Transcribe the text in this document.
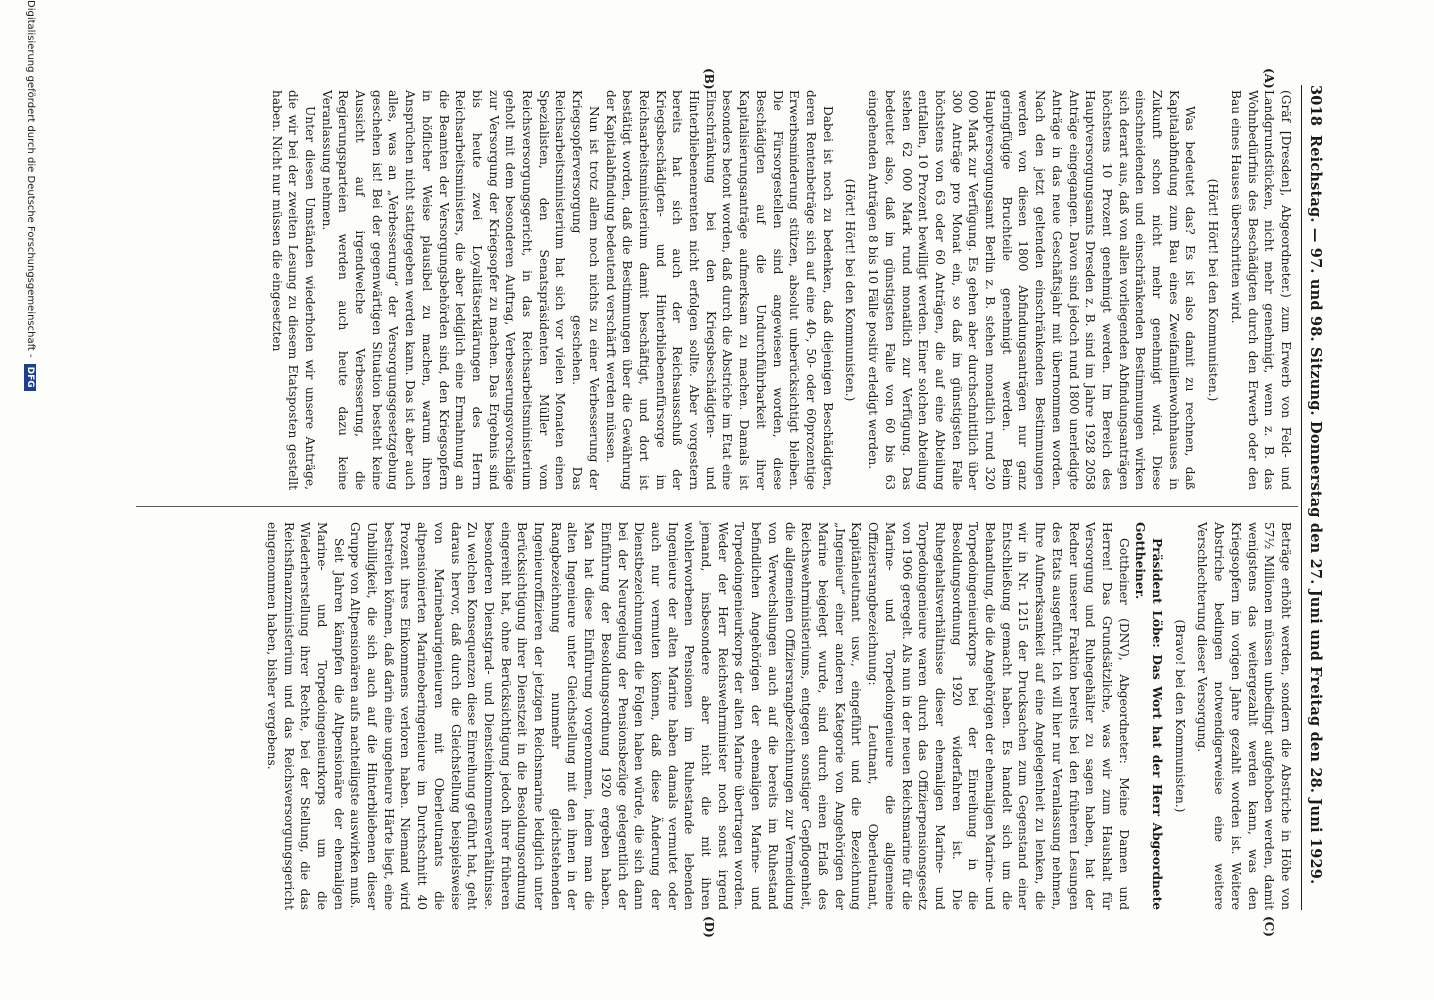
3018
Reichstag. — 97. und 98. Sitzung. Donnerstag den 27. Juni und Freitag den 28. Juni 1929.
(A)
(B)
(C)
(D)

(Gräf [Dresden], Abgeordneter.) zum Erwerb von Feld- und Landgrundstücken, nicht mehr genehmigt, wenn z. B. das Wohnbedürfnis des Beschädigten durch den Erwerb oder den Bau eines Hauses überschritten wird.

(Hört! Hört! bei den Kommunisten.)

Was bedeutet das? Es ist also damit zu rechnen, daß Kapitalabfindung zum Bau eines Zweifamilienwohnhauses in Zukunft schon nicht mehr genehmigt wird. Diese einschneidenden und einschränkenden Bestimmungen wirken sich derart aus, daß von allen vorliegenden Abfindungsanträgen höchstens 10 Prozent genehmigt werden. Im Bereich des Hauptversorgungsamts Dresden z. B. sind im Jahre 1928 2058 Anträge eingegangen. Davon sind jedoch rund 1800 unerledigte Anträge in das neue Geschäftsjahr mit übernommen worden. Nach den jetzt geltenden einschränkenden Bestimmungen werden von diesen 1800 Abfindungsanträgen nur ganz geringfügige Bruchteile genehmigt werden. Beim Hauptversorgungsamt Berlin z. B. stehen monatlich rund 320 000 Mark zur Verfügung. Es gehen aber durchschnittlich über 300 Anträge pro Monat ein, so daß im günstigsten Falle höchstens von 63 oder 60 Anträgen, die auf eine Abteilung entfallen, 10 Prozent bewilligt werden. Einer solchen Abteilung stehen 62 000 Mark rund monatlich zur Verfügung. Das bedeutet also, daß im günstigsten Falle von 60 bis 63 eingehenden Anträgen 8 bis 10 Fälle positiv erledigt werden.

(Hört! Hört! bei den Kommunisten.)

Dabei ist noch zu bedenken, daß diejenigen Beschädigten, deren Rentenbeträge sich auf eine 40-, 50- oder 60prozentige Erwerbsminderung stützen, absolut unberücksichtigt bleiben. Die Fürsorgestellen sind angewiesen worden, diese Beschädigten auf die Undurchführbarkeit ihrer Kapitalisierungsanträge aufmerksam zu machen. Damals ist besonders betont worden, daß durch die Abstriche im Etat eine Einschränkung bei den Kriegsbeschädigten- und Hinterbliebenenrenten nicht erfolgen sollte. Aber vorgestern bereits hat sich auch der Reichsausschuß der Kriegsbeschädigten- und Hinterbliebenenfürsorge im Reichsarbeitsministerium damit beschäftigt, und dort ist bestätigt worden, daß die Bestimmungen über die Gewährung der Kapitalabfindung bedeutend verschärft werden müssen.

Nun ist trotz allem noch nichts zu einer Verbesserung der Kriegsopferversorgung geschehen. Das Reichsarbeitsministerium hat sich vor vielen Monaten einen Spezialisten, den Senatspräsidenten Müller vom Reichsversorgungsgericht, in das Reichsarbeitsministerium geholt mit dem besonderen Auftrag, Verbesserungsvorschläge zur Versorgung der Kriegsopfer zu machen. Das Ergebnis sind bis heute zwei Loyalitätserklärungen des Herrn Reichsarbeitsministers, die aber lediglich eine Ermahnung an die Beamten der Versorgungsbehörden sind, den Kriegsopfern in höflicher Weise plausibel zu machen, warum ihren Ansprüchen nicht stattgegeben werden kann. Das ist aber auch alles, was an „Verbesserung“ der Versorgungsgesetzgebung geschehen ist! Bei der gegenwärtigen Situation besteht keine Aussicht auf irgendwelche Verbesserung, die Regierungsparteien werden auch heute dazu keine Veranlassung nehmen.

Unter diesen Umständen wiederholen wir unsere Anträge, die wir bei der zweiten Lesung zu diesem Etatsposten gestellt haben. Nicht nur müssen die eingesetzten

Beträge erhöht werden, sondern die Abstriche in Höhe von 57½ Millionen müssen unbedingt aufgehoben werden, damit wenigstens das weitergezahlt werden kann, was den Kriegsopfern im vorigen Jahre gezahlt worden ist. Weitere Abstriche bedingen notwendigerweise eine weitere Verschlechterung dieser Versorgung.

(Bravo! bei den Kommunisten.)

Präsident Löbe: Das Wort hat der Herr Abgeordnete Gottheiner.

Gottheiner (DNV), Abgeordneter: Meine Damen und Herren! Das Grundsätzliche, was wir zum Haushalt für Versorgung und Ruhegehälter zu sagen haben, hat der Redner unserer Fraktion bereits bei den früheren Lesungen des Etats ausgeführt. Ich will hier nur Veranlassung nehmen, Ihre Aufmerksamkeit auf eine Angelegenheit zu lenken, die wir in Nr. 1215 der Drucksachen zum Gegenstand einer Entschließung gemacht haben. Es handelt sich um die Behandlung, die die Angehörigen der ehemaligen Marine- und Torpedoingenieurkorps bei der Einreihung in die Besoldungsordnung 1920 widerfahren ist. Die Ruhegehaltsverhältnisse dieser ehemaligen Marine- und Torpedoingenieure waren durch das Offizierpensionsgesetz von 1906 geregelt. Als nun in der neuen Reichsmarine für die Marine- und Torpedoingenieure die allgemeine Offiziersrangbezeichnung: Leutnant, Oberleutnant, Kapitänleutnant usw., eingeführt und die Bezeichnung „Ingenieur“ einer anderen Kategorie von Angehörigen der Marine beigelegt wurde, sind durch einen Erlaß des Reichswehrministeriums, entgegen sonstiger Gepflogenheit, die allgemeinen Offiziersrangbezeichnungen zur Vermeidung von Verwechslungen auch auf die bereits im Ruhestand befindlichen Angehörigen der ehemaligen Marine- und Torpedoingenieurkorps der alten Marine übertragen worden. Weder der Herr Reichswehrminister noch sonst irgend jemand, insbesondere aber nicht die mit ihren wohlerworbenen Pensionen im Ruhestande lebenden Ingenieure der alten Marine haben damals vermutet oder auch nur vermuten können, daß diese Änderung der Dienstbezeichnungen die Folgen haben würde, die sich dann bei der Neuregelung der Pensionsbezüge gelegentlich der Einführung der Besoldungsordnung 1920 ergeben haben. Man hat diese Einführung vorgenommen, indem man die alten Ingenieure unter Gleichstellung mit den ihnen in der Rangbezeichnung nunmehr gleichstehenden Ingenieuroffizieren der jetzigen Reichsmarine lediglich unter Berücksichtigung ihrer Dienstzeit in die Besoldungsordnung eingereiht hat, ohne Berücksichtigung jedoch ihrer früheren besonderen Dienstgrad- und Diensteinkommensverhältnisse. Zu welchen Konsequenzen diese Einreihung geführt hat, geht daraus hervor, daß durch die Gleichstellung beispielsweise von Marinebaurigenieuren mit Oberleutnants die altpensionierten Marineoberingenieure im Durchschnitt 40 Prozent ihres Einkommens verloren haben. Niemand wird bestreiten können, daß darin eine ungeheure Härte liegt, eine Unbilligkeit, die sich auch auf die Hinterbliebenen dieser Gruppe von Altpensionären aufs nachteiligste auswirken muß.

Seit Jahren kämpfen die Altpensionäre der ehemaligen Marine- und Torpedoingenieurkorps um die Wiederherstellung ihrer Rechte, bei der Stellung, die das Reichsfinanzministerium und das Reichsversorgungsgericht eingenommen haben, bisher vergebens.

Digitalisierung gefördert durch die Deutsche Forschungsgemeinschaft -DFG
